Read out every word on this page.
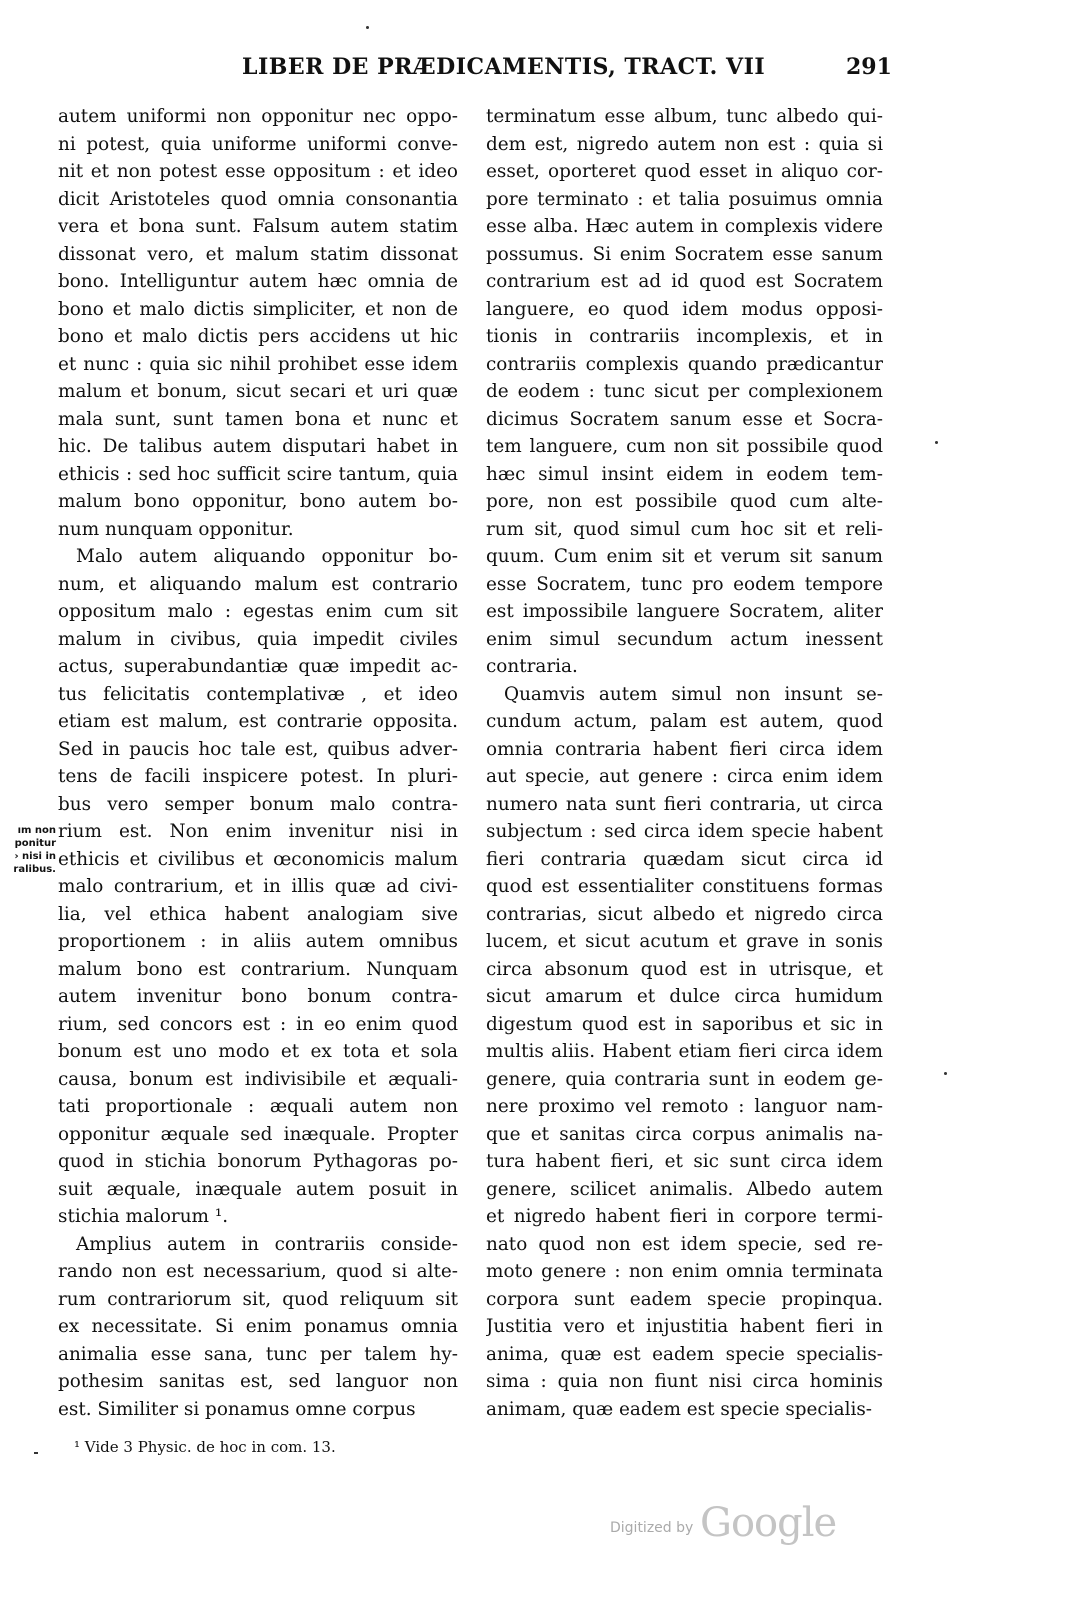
LIBER DE PRÆDICAMENTIS, TRACT. VII	291
autem uniformi non opponitur nec oppo-
ni potest, quia uniforme uniformi conve-
nit et non potest esse oppositum : et ideo
dicit Aristoteles quod omnia consonantia
vera et bona sunt. Falsum autem statim
dissonat vero, et malum statim dissonat
bono. Intelliguntur autem hæc omnia de
bono et malo dictis simpliciter, et non de
bono et malo dictis pers accidens ut hic
et nunc : quia sic nihil prohibet esse idem
malum et bonum, sicut secari et uri quæ
mala sunt, sunt tamen bona et nunc et
hic. De talibus autem disputari habet in
ethicis : sed hoc sufficit scire tantum, quia
malum bono opponitur, bono autem bo-
num nunquam opponitur.
Malo autem aliquando opponitur bo-
num, et aliquando malum est contrario
oppositum malo : egestas enim cum sit
malum in civibus, quia impedit civiles
actus, superabundantiæ quæ impedit ac-
tus felicitatis contemplativæ , et ideo
etiam est malum, est contrarie opposita.
Sed in paucis hoc tale est, quibus adver-
tens de facili inspicere potest. In pluri-
bus vero semper bonum malo contra-
rium est. Non enim invenitur nisi in
ethicis et civilibus et œconomicis malum
malo contrarium, et in illis quæ ad civi-
lia, vel ethica habent analogiam sive
proportionem : in aliis autem omnibus
malum bono est contrarium. Nunquam
autem invenitur bono bonum contra-
rium, sed concors est : in eo enim quod
bonum est uno modo et ex tota et sola
causa, bonum est indivisibile et æquali-
tati proportionale : æquali autem non
opponitur æquale sed inæquale. Propter
quod in stichia bonorum Pythagoras po-
suit æquale, inæquale autem posuit in
stichia malorum ¹.
Amplius autem in contrariis conside-
rando non est necessarium, quod si alte-
rum contrariorum sit, quod reliquum sit
ex necessitate. Si enim ponamus omnia
animalia esse sana, tunc per talem hy-
pothesim sanitas est, sed languor non
est. Similiter si ponamus omne corpus
terminatum esse album, tunc albedo qui-
dem est, nigredo autem non est : quia si
esset, oporteret quod esset in aliquo cor-
pore terminato : et talia posuimus omnia
esse alba. Hæc autem in complexis videre
possumus. Si enim Socratem esse sanum
contrarium est ad id quod est Socratem
languere, eo quod idem modus opposi-
tionis in contrariis incomplexis, et in
contrariis complexis quando prædicantur
de eodem : tunc sicut per complexionem
dicimus Socratem sanum esse et Socra-
tem languere, cum non sit possibile quod
hæc simul insint eidem in eodem tem-
pore, non est possibile quod cum alte-
rum sit, quod simul cum hoc sit et reli-
quum. Cum enim sit et verum sit sanum
esse Socratem, tunc pro eodem tempore
est impossibile languere Socratem, aliter
enim simul secundum actum inessent
contraria.
Quamvis autem simul non insunt se-
cundum actum, palam est autem, quod
omnia contraria habent fieri circa idem
aut specie, aut genere : circa enim idem
numero nata sunt fieri contraria, ut circa
subjectum : sed circa idem specie habent
fieri contraria quædam sicut circa id
quod est essentialiter constituens formas
contrarias, sicut albedo et nigredo circa
lucem, et sicut acutum et grave in sonis
circa absonum quod est in utrisque, et
sicut amarum et dulce circa humidum
digestum quod est in saporibus et sic in
multis aliis. Habent etiam fieri circa idem
genere, quia contraria sunt in eodem ge-
nere proximo vel remoto : languor nam-
que et sanitas circa corpus animalis na-
tura habent fieri, et sic sunt circa idem
genere, scilicet animalis. Albedo autem
et nigredo habent fieri in corpore termi-
nato quod non est idem specie, sed re-
moto genere : non enim omnia terminata
corpora sunt eadem specie propinqua.
Justitia vero et injustitia habent fieri in
anima, quæ est eadem specie specialis-
sima : quia non fiunt nisi circa hominis
animam, quæ eadem est specie specialis-
ım non
ponitur
› nisi in
ralibus.
¹ Vide 3 Physic. de hoc in com. 13.
Digitized by Google
